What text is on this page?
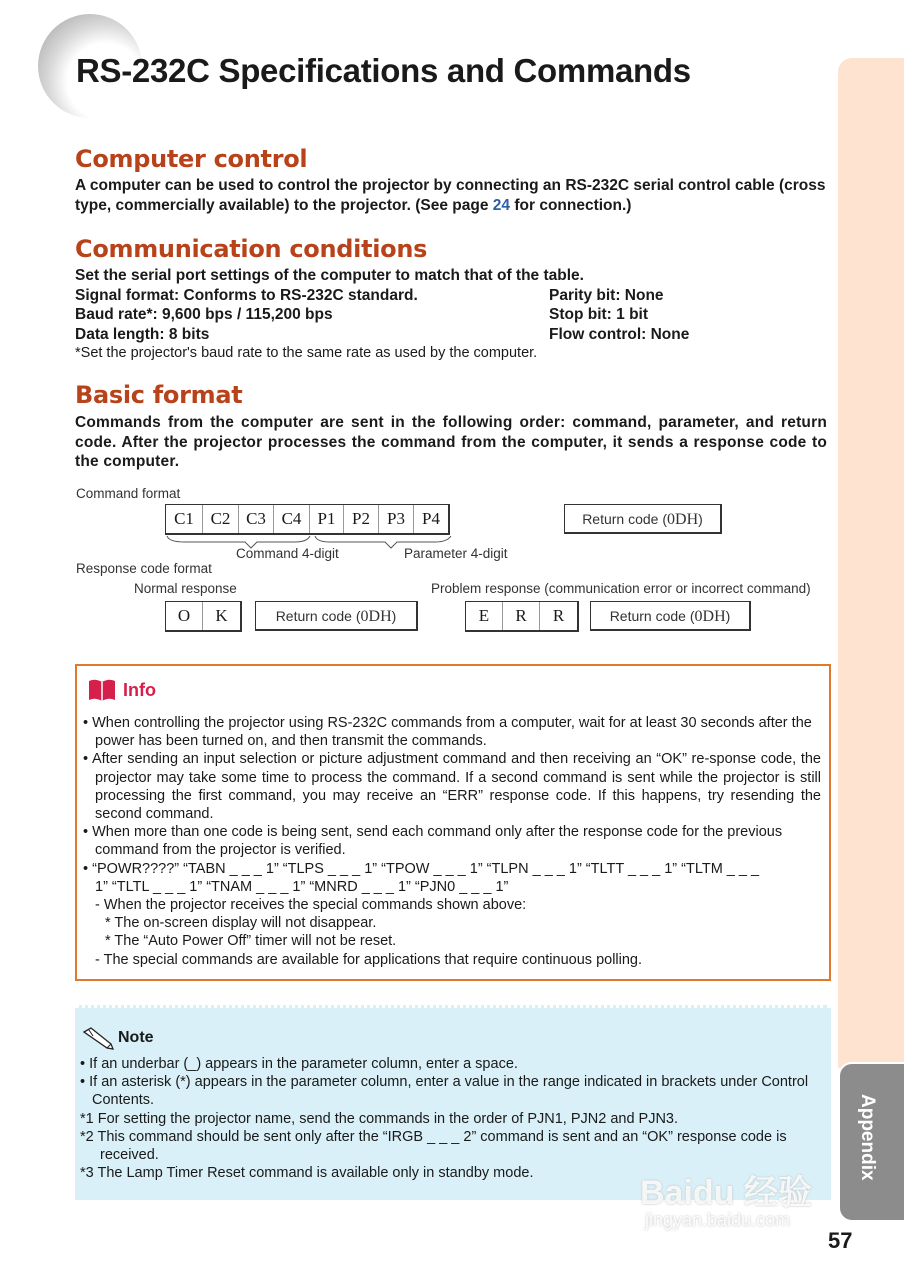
Appendix
RS-232C Specifications and Commands
Computer control
A computer can be used to control the projector by connecting an RS-232C serial control cable (cross type, commercially available) to the projector. (See page 24 for connection.)
Communication conditions
Set the serial port settings of the computer to match that of the table.
Signal format: Conforms to RS-232C standard.	Parity bit: None
Baud rate*: 9,600 bps / 115,200 bps	Stop bit: 1 bit
Data length: 8 bits	Flow control: None
*Set the projector's baud rate to the same rate as used by the computer.
Basic format
Commands from the computer are sent in the following order: command, parameter, and return code. After the projector processes the command from the computer, it sends a response code to the computer.
Command format
C1 C2 C3 C4 P1 P2	P3	P4
Command 4-digit	Parameter 4-digit
Return code (0DH)
Response code format
Normal response	Problem response (communication error or incorrect command)
O	K	Return code (0DH)	E	R	R	Return code (0DH)
Info
• When controlling the projector using RS-232C commands from a computer, wait for at least 30 seconds after the power has been turned on, and then transmit the commands.
• After sending an input selection or picture adjustment command and then receiving an “OK” re-sponse code, the projector may take some time to process the command. If a second command is sent while the projector is still processing the first command, you may receive an “ERR” response code. If this happens, try resending the second command.
• When more than one code is being sent, send each command only after the response code for the previous command from the projector is verified.
• “POWR????” “TABN _ _ _ 1” “TLPS _ _ _ 1” “TPOW _ _ _ 1” “TLPN _ _ _ 1” “TLTT _ _ _ 1” “TLTM _ _ _ 1” “TLTL _ _ _ 1” “TNAM _ _ _ 1” “MNRD _ _ _ 1” “PJN0 _ _ _ 1”
- When the projector receives the special commands shown above:
* The on-screen display will not disappear.
* The “Auto Power Off” timer will not be reset.
- The special commands are available for applications that require continuous polling.
Note
• If an underbar (_) appears in the parameter column, enter a space.
• If an asterisk (*) appears in the parameter column, enter a value in the range indicated in brackets under Control Contents.
*1 For setting the projector name, send the commands in the order of PJN1, PJN2 and PJN3.
*2 This command should be sent only after the “IRGB _ _ _ 2” command is sent and an “OK” response code is received.
*3 The Lamp Timer Reset command is available only in standby mode.
Baidu 经验
jingyan.baidu.com
57
